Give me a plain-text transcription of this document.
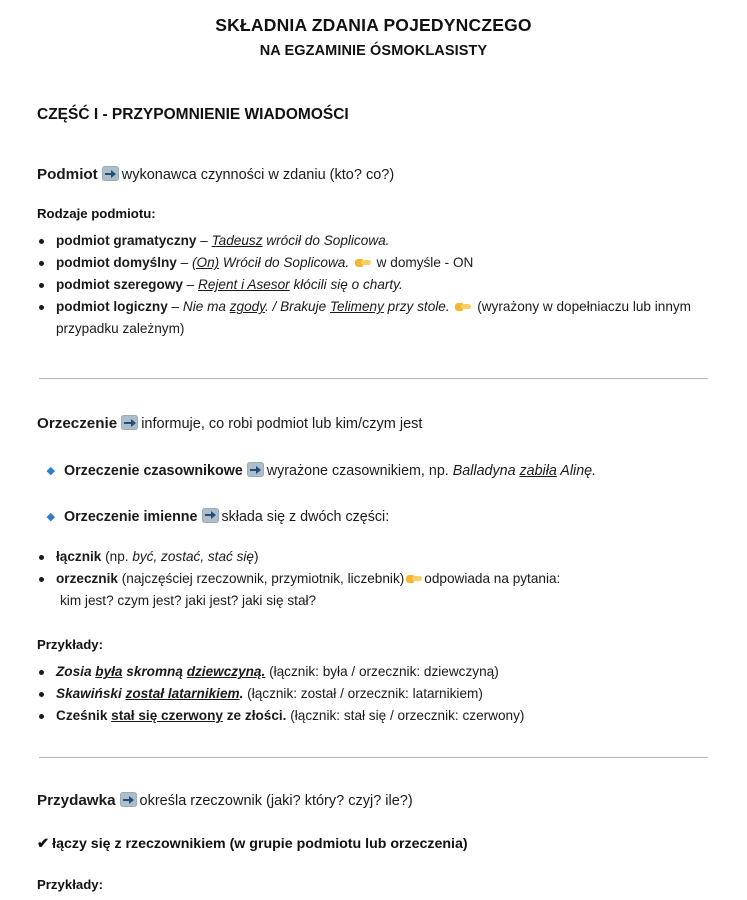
SKŁADNIA ZDANIA POJEDYNCZEGO
NA EGZAMINIE ÓSMOKLASISTY
CZĘŚĆ I - PRZYPOMNIENIE WIADOMOŚCI
Podmiot wykonawca czynności w zdaniu (kto? co?)
Rodzaje podmiotu:
podmiot gramatyczny – Tadeusz wrócił do Soplicowa.
podmiot domyślny – (On) Wrócił do Soplicowa. w domyśle - ON
podmiot szeregowy – Rejent i Asesor kłócili się o charty.
podmiot logiczny – Nie ma zgody. / Brakuje Telimeny przy stole. (wyrażony w dopełniaczu lub innym przypadku zależnym)
Orzeczenie informuje, co robi podmiot lub kim/czym jest
Orzeczenie czasownikowe wyrażone czasownikiem, np. Balladyna zabiła Alinę.
Orzeczenie imienne składa się z dwóch części:
łącznik (np. być, zostać, stać się)
orzecznik (najczęściej rzeczownik, przymiotnik, liczebnik) odpowiada na pytania:
kim jest? czym jest? jaki jest? jaki się stał?
Przykłady:
Zosia była skromną dziewczyną. (łącznik: była / orzecznik: dziewczyną)
Skawiński został latarnikiem. (łącznik: został / orzecznik: latarnikiem)
Cześnik stał się czerwony ze złości. (łącznik: stał się / orzecznik: czerwony)
Przydawka określa rzeczownik (jaki? który? czyj? ile?)
✔ łączy się z rzeczownikiem (w grupie podmiotu lub orzeczenia)
Przykłady:
